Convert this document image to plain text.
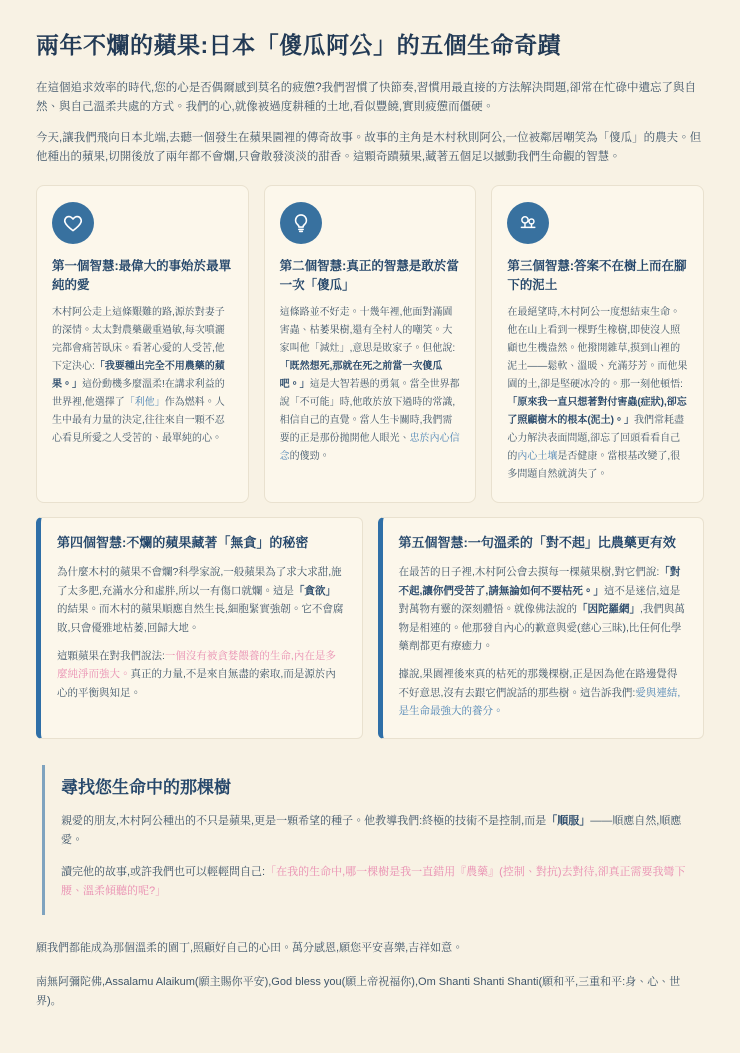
兩年不爛的蘋果:日本「傻瓜阿公」的五個生命奇蹟

在這個追求效率的時代,您的心是否偶爾感到莫名的疲憊?我們習慣了快節奏,習慣用最直接的方法解決問題,卻常在忙碌中遺忘了與自然、與自己溫柔共處的方式。我們的心,就像被過度耕種的土地,看似豐饒,實則疲憊而僵硬。

今天,讓我們飛向日本北端,去聽一個發生在蘋果園裡的傳奇故事。故事的主角是木村秋則阿公,一位被鄰居嘲笑為「傻瓜」的農夫。但他種出的蘋果,切開後放了兩年都不會爛,只會散發淡淡的甜香。這顆奇蹟蘋果,藏著五個足以撼動我們生命觀的智慧。

第一個智慧:最偉大的事始於最單純的愛

木村阿公走上這條艱難的路,源於對妻子的深情。太太對農藥嚴重過敏,每次噴灑完都會痛苦臥床。看著心愛的人受苦,他下定決心:「我要種出完全不用農藥的蘋果。」這份動機多麼溫柔!在講求利益的世界裡,他選擇了「利他」作為燃料。人生中最有力量的決定,往往來自一顆不忍心看見所愛之人受苦的、最單純的心。

第二個智慧:真正的智慧是敢於當一次「傻瓜」

這條路並不好走。十幾年裡,他面對滿園害蟲、枯萎果樹,還有全村人的嘲笑。大家叫他「減灶」,意思是敗家子。但他說:「既然想死,那就在死之前當一次傻瓜吧。」這是大智若愚的勇氣。當全世界都說「不可能」時,他敢於放下過時的常識,相信自己的直覺。當人生卡關時,我們需要的正是那份拋開他人眼光、忠於內心信念的傻勁。

第三個智慧:答案不在樹上而在腳下的泥土

在最絕望時,木村阿公一度想結束生命。他在山上看到一棵野生橡樹,即使沒人照顧也生機盎然。他撥開雜草,摸到山裡的泥土——鬆軟、溫暖、充滿芬芳。而他果園的土,卻是堅硬冰冷的。那一刻他頓悟:「原來我一直只想著對付害蟲(症狀),卻忘了照顧樹木的根本(泥土)。」我們常耗盡心力解決表面問題,卻忘了回頭看看自己的內心土壤是否健康。當根基改變了,很多問題自然就消失了。

第四個智慧:不爛的蘋果藏著「無貪」的秘密

為什麼木村的蘋果不會爛?科學家說,一般蘋果為了求大求甜,施了太多肥,充滿水分和虛胖,所以一有傷口就爛。這是「貪欲」的結果。而木村的蘋果順應自然生長,細胞緊實強韌。它不會腐敗,只會優雅地枯萎,回歸大地。

這顆蘋果在對我們說法:一個沒有被貪婪餵養的生命,內在是多麼純淨而強大。真正的力量,不是來自無盡的索取,而是源於內心的平衡與知足。

第五個智慧:一句溫柔的「對不起」比農藥更有效

在最苦的日子裡,木村阿公會去摸每一棵蘋果樹,對它們說:「對不起,讓你們受苦了,請無論如何不要枯死。」這不是迷信,這是對萬物有靈的深刻體悟。就像佛法說的「因陀羅網」,我們與萬物是相連的。他那發自內心的歉意與愛(慈心三昧),比任何化學藥劑都更有療癒力。

據說,果園裡後來真的枯死的那幾棵樹,正是因為他在路邊覺得不好意思,沒有去跟它們說話的那些樹。這告訴我們:愛與連結,是生命最強大的養分。

尋找您生命中的那棵樹

親愛的朋友,木村阿公種出的不只是蘋果,更是一顆希望的種子。他教導我們:終極的技術不是控制,而是「順服」——順應自然,順應愛。

讀完他的故事,或許我們也可以輕輕問自己:「在我的生命中,哪一棵樹是我一直錯用『農藥』(控制、對抗)去對待,卻真正需要我彎下腰、溫柔傾聽的呢?」

願我們都能成為那個溫柔的園丁,照顧好自己的心田。萬分感恩,願您平安喜樂,吉祥如意。

南無阿彌陀佛,Assalamu Alaikum(願主賜你平安),God bless you(願上帝祝福你),Om Shanti Shanti Shanti(願和平,三重和平:身、心、世界)。
